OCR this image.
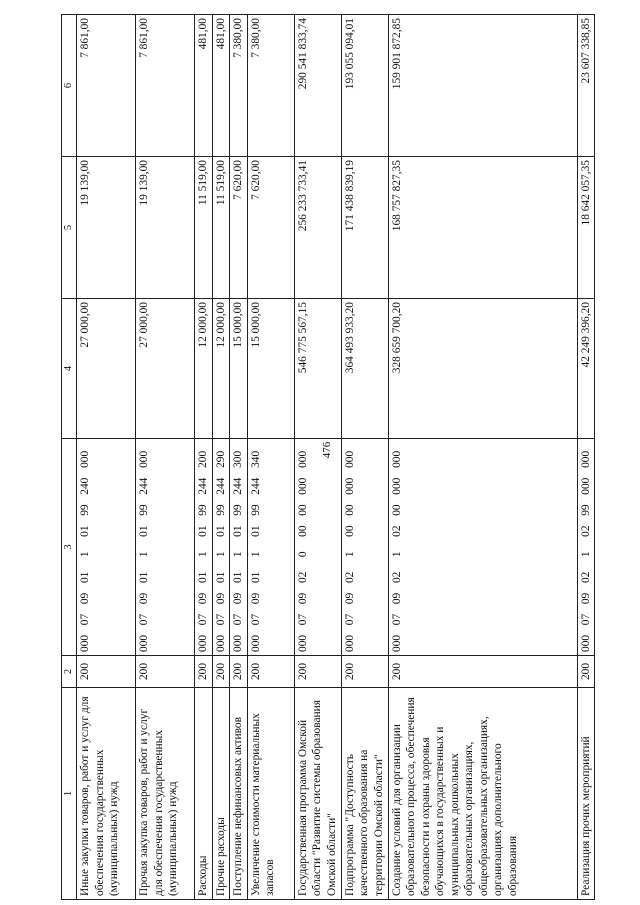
476
1	2	3	4	5	6
Иные закупки товаров, работ и услуг для обеспечения государственных (муниципальных) нужд	200	000  07  09  01   1   01  99  240  000	27 000,00	19 139,00	7 861,00
Прочая закупка товаров, работ и услуг для обеспечения государственных (муниципальных) нужд	200	000  07  09  01   1   01  99  244  000	27 000,00	19 139,00	7 861,00
Расходы	200	000  07  09  01   1   01  99  244  200	12 000,00	11 519,00	481,00
Прочие расходы	200	000  07  09  01   1   01  99  244  290	12 000,00	11 519,00	481,00
Поступление нефинансовых активов	200	000  07  09  01   1   01  99  244  300	15 000,00	7 620,00	7 380,00
Увеличение стоимости материальных запасов	200	000  07  09  01   1   01  99  244  340	15 000,00	7 620,00	7 380,00
Государственная программа Омской области "Развитие системы образования Омской области"	200	000  07  09  02   0   00  00  000  000	546 775 567,15	256 233 733,41	290 541 833,74
Подпрограмма "Доступность качественного образования на территории Омской области"	200	000  07  09  02   1   00  00  000  000	364 493 933,20	171 438 839,19	193 055 094,01
Создание условий для организации образовательного процесса, обеспечения безопасности и охраны здоровья обучающихся в государственных и муниципальных дошкольных образовательных организациях, общеобразовательных организациях, организациях дополнительного образования	200	000  07  09  02   1   02  00  000  000	328 659 700,20	168 757 827,35	159 901 872,85
Реализация прочих мероприятий	200	000  07  09  02   1   02  99  000  000	42 249 396,20	18 642 057,35	23 607 338,85
